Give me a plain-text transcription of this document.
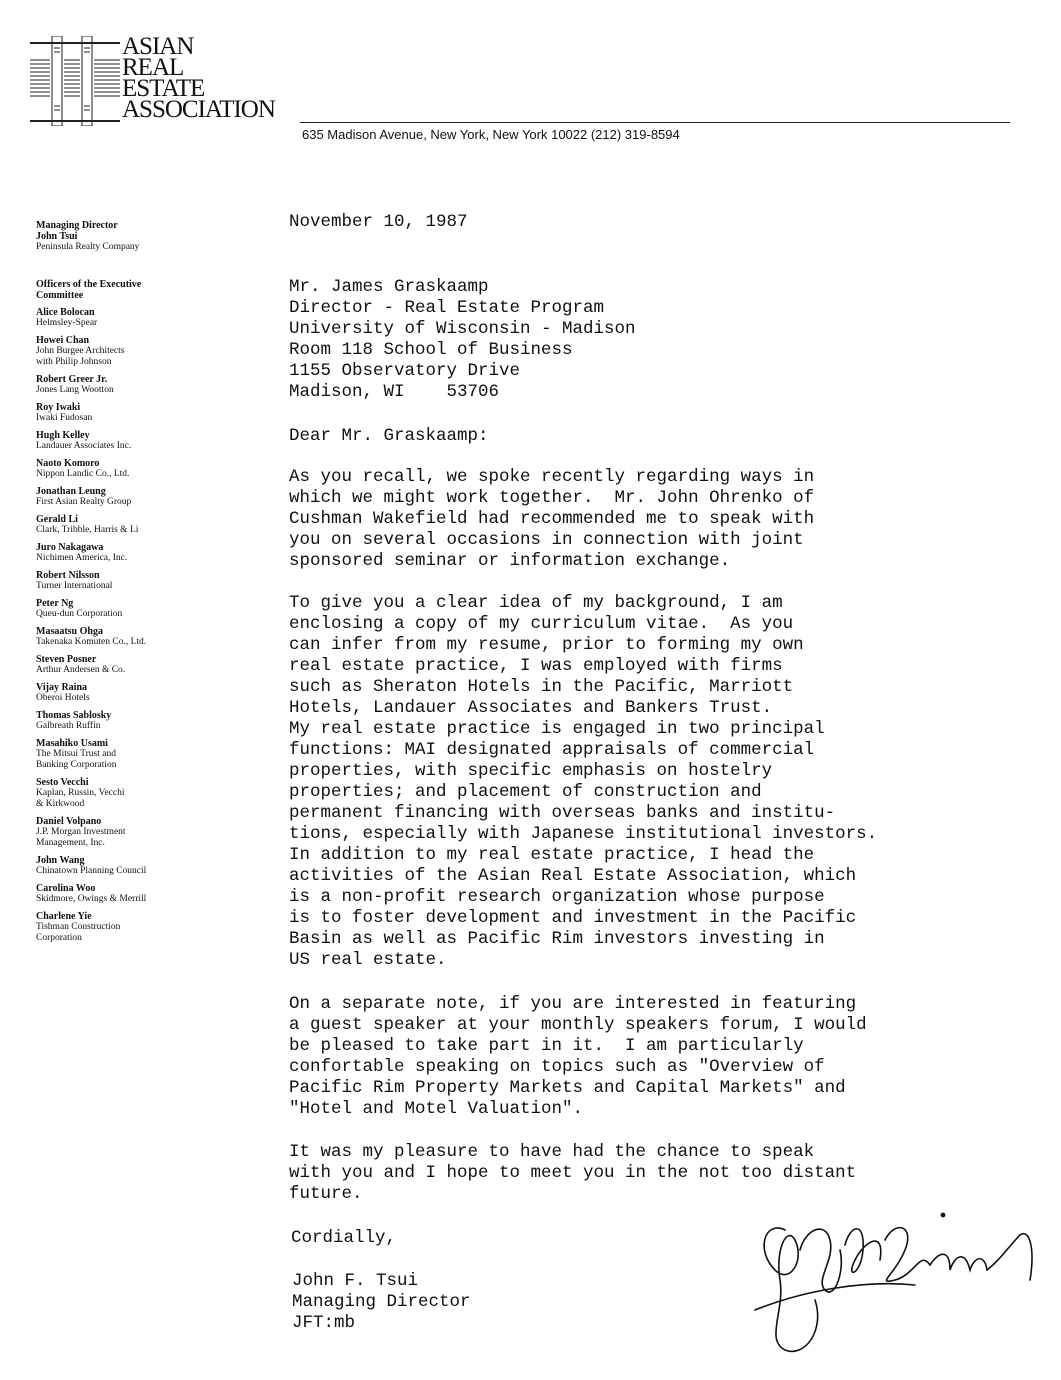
ASIAN
REAL
ESTATE
ASSOCIATION
635 Madison Avenue, New York, New York 10022 (212) 319-8594
Managing Director
John Tsui
Peninsula Realty Company
Officers of the Executive Committee
Alice Bolocan
Helmsley-Spear
Howei Chan
John Burgee Architects
with Philip Johnson
Robert Greer Jr.
Jones Lang Wootton
Roy Iwaki
Iwaki Fudosan
Hugh Kelley
Landauer Associates Inc.
Naoto Komoro
Nippon Landic Co., Ltd.
Jonathan Leung
First Asian Realty Group
Gerald Li
Clark, Tribble, Harris & Li
Juro Nakagawa
Nichimen America, Inc.
Robert Nilsson
Turner International
Peter Ng
Queu-dun Corporation
Masaatsu Ohga
Takenaka Komuten Co., Ltd.
Steven Posner
Arthur Andersen & Co.
Vijay Raina
Oberoi Hotels
Thomas Sablosky
Galbreath Ruffin
Masahiko Usami
The Mitsui Trust and
Banking Corporation
Sesto Vecchi
Kaplan, Russin, Vecchi
& Kirkwood
Daniel Volpano
J.P. Morgan Investment
Management, Inc.
John Wang
Chinatown Planning Council
Carolina Woo
Skidmore, Owings & Merrill
Charlene Yie
Tishman Construction
Corporation
November 10, 1987
Mr. James Graskaamp
Director - Real Estate Program
University of Wisconsin - Madison
Room 118 School of Business
1155 Observatory Drive
Madison, WI    53706
Dear Mr. Graskaamp:
As you recall, we spoke recently regarding ways in
which we might work together.  Mr. John Ohrenko of
Cushman Wakefield had recommended me to speak with
you on several occasions in connection with joint
sponsored seminar or information exchange.
To give you a clear idea of my background, I am
enclosing a copy of my curriculum vitae.  As you
can infer from my resume, prior to forming my own
real estate practice, I was employed with firms
such as Sheraton Hotels in the Pacific, Marriott
Hotels, Landauer Associates and Bankers Trust.
My real estate practice is engaged in two principal
functions: MAI designated appraisals of commercial
properties, with specific emphasis on hostelry
properties; and placement of construction and
permanent financing with overseas banks and institu-
tions, especially with Japanese institutional investors.
In addition to my real estate practice, I head the
activities of the Asian Real Estate Association, which
is a non-profit research organization whose purpose
is to foster development and investment in the Pacific
Basin as well as Pacific Rim investors investing in
US real estate.
On a separate note, if you are interested in featuring
a guest speaker at your monthly speakers forum, I would
be pleased to take part in it.  I am particularly
confortable speaking on topics such as "Overview of
Pacific Rim Property Markets and Capital Markets" and
"Hotel and Motel Valuation".
It was my pleasure to have had the chance to speak
with you and I hope to meet you in the not too distant
future.
Cordially,
John F. Tsui
Managing Director
JFT:mb
